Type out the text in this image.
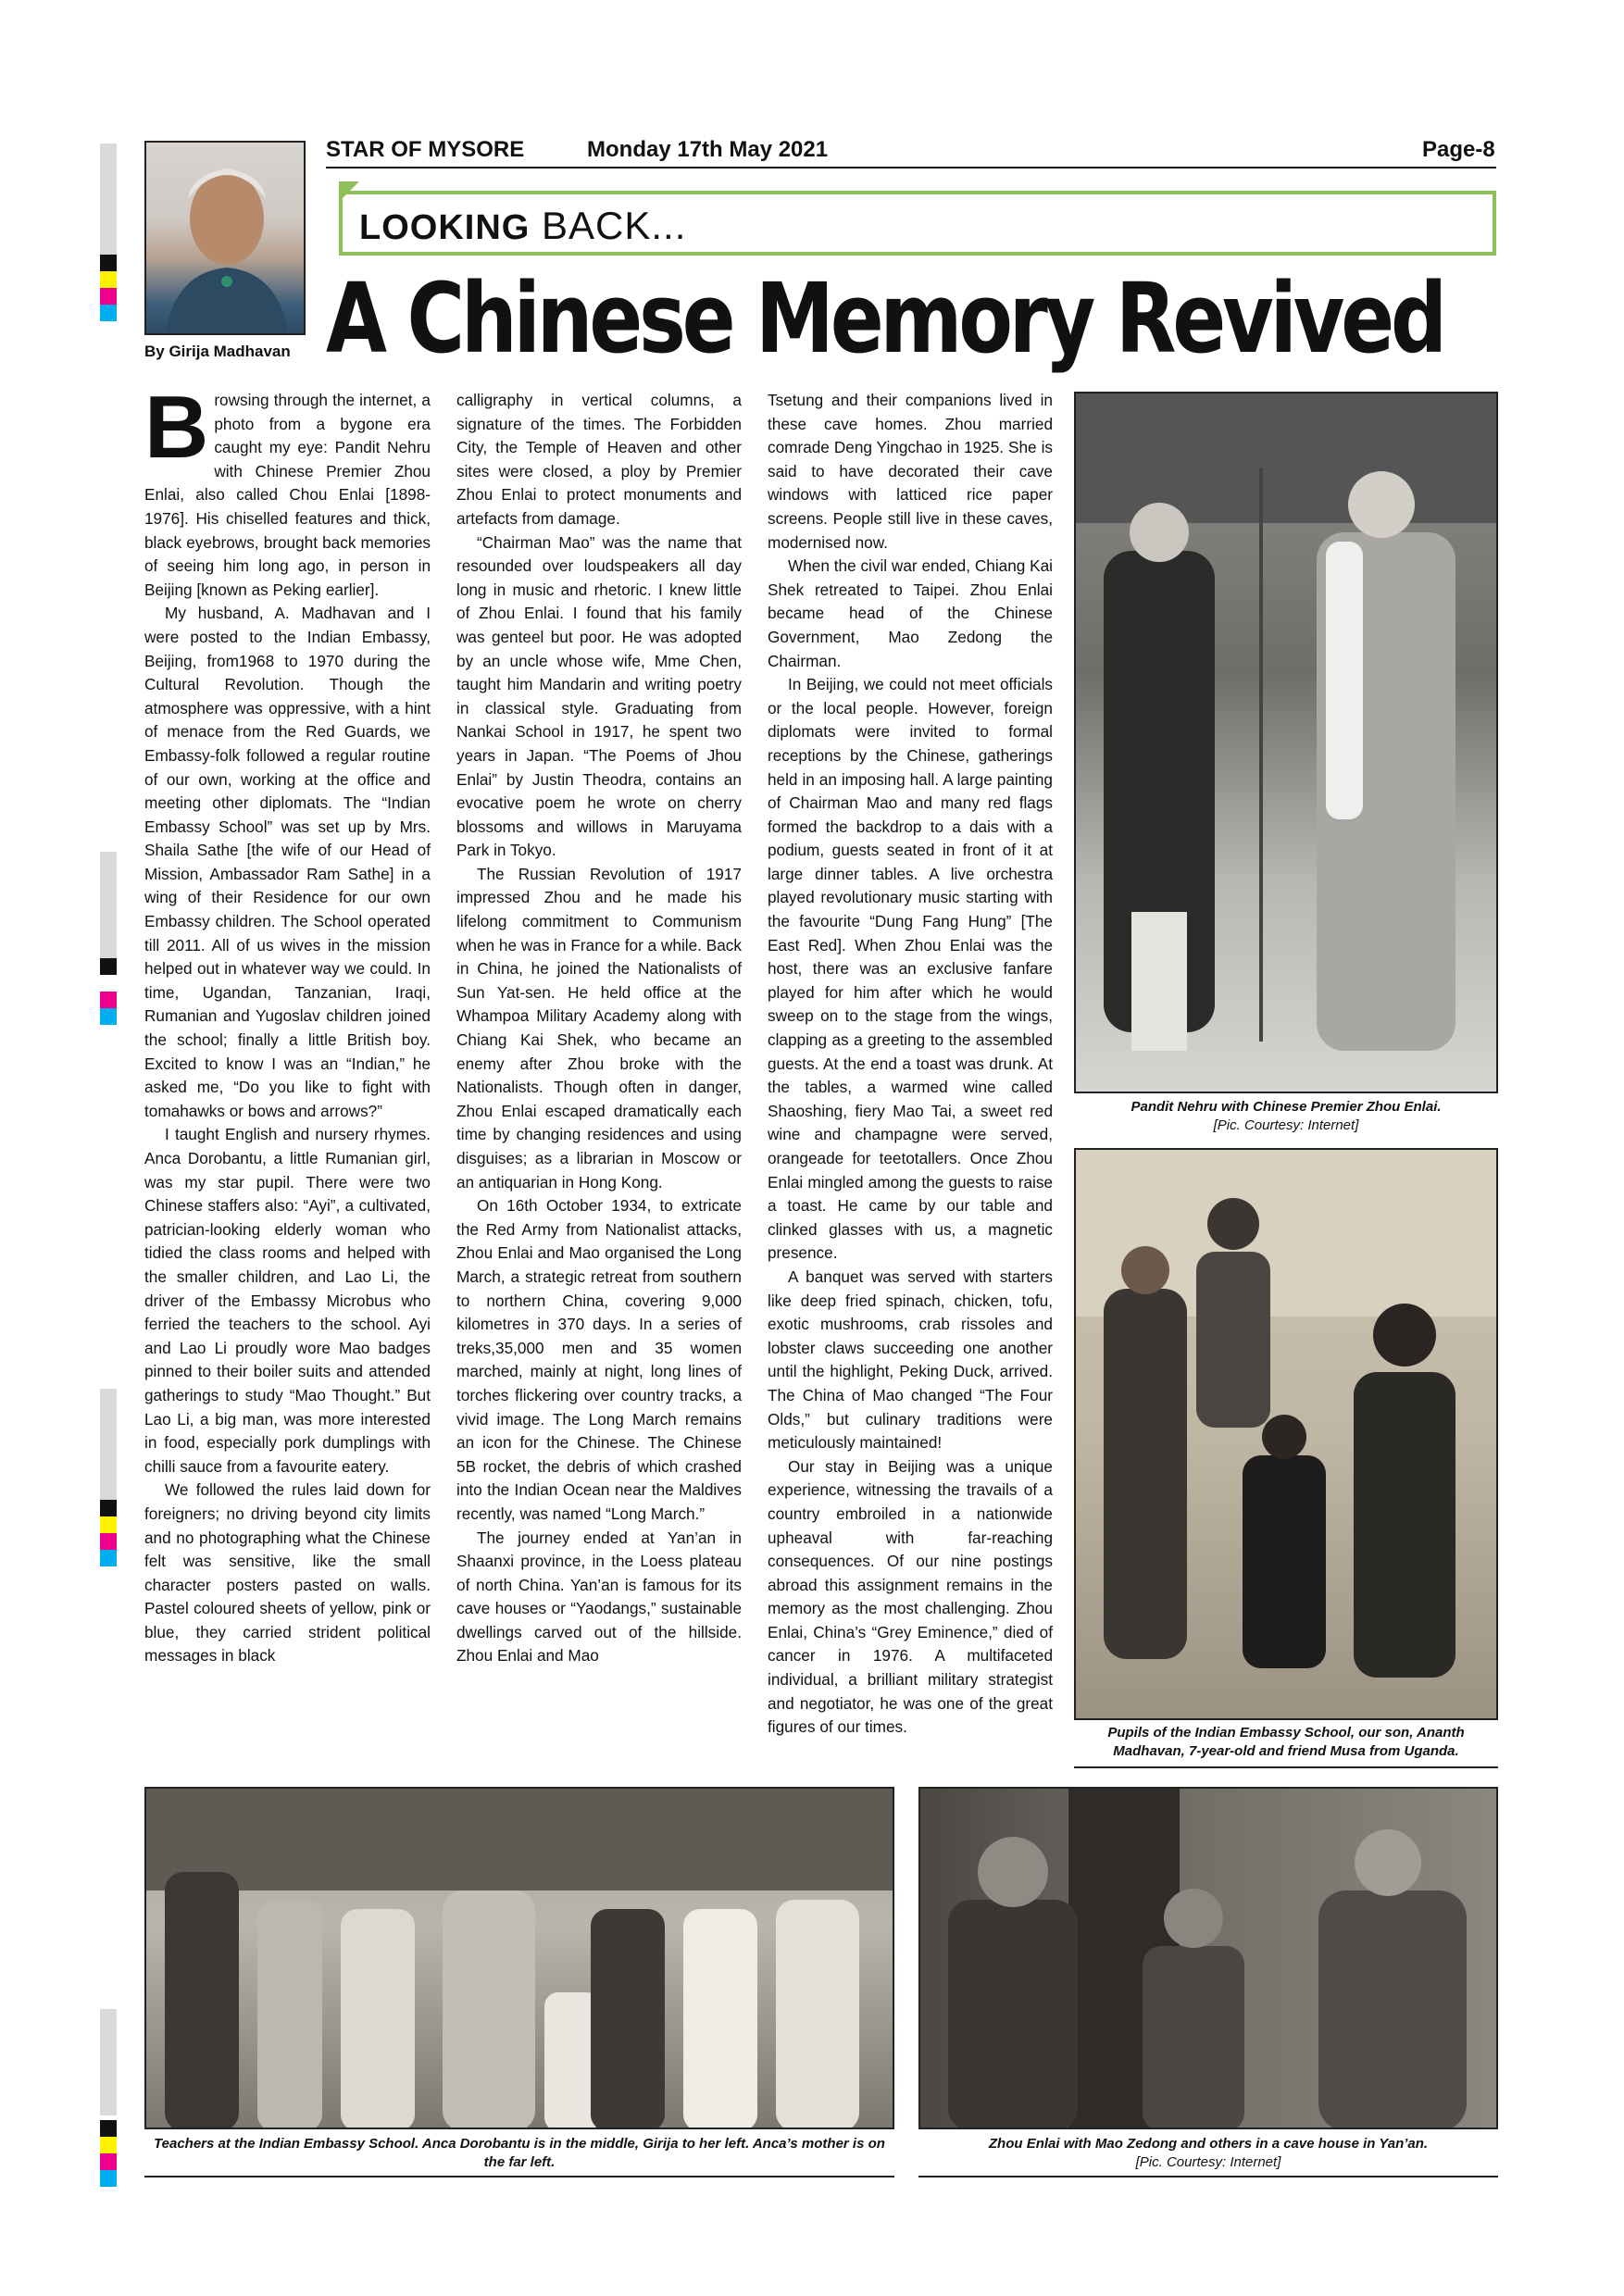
STAR OF MYSORE	Monday 17th May 2021	Page-8
By Girija Madhavan
LOOKING BACK...
A Chinese Memory Revived

Browsing through the internet, a photo from a bygone era caught my eye: Pandit Nehru with Chinese Premier Zhou Enlai, also called Chou Enlai [1898-1976]. His chiselled features and thick, black eyebrows, brought back memories of seeing him long ago, in person in Beijing [known as Peking earlier].

My husband, A. Madhavan and I were posted to the Indian Embassy, Beijing, from1968 to 1970 during the Cultural Revolution. Though the atmosphere was oppressive, with a hint of menace from the Red Guards, we Embassy-folk followed a regular routine of our own, working at the office and meeting other diplomats. The “Indian Embassy School” was set up by Mrs. Shaila Sathe [the wife of our Head of Mission, Ambassador Ram Sathe] in a wing of their Residence for our own Embassy children. The School operated till 2011. All of us wives in the mission helped out in whatever way we could. In time, Ugandan, Tanzanian, Iraqi, Rumanian and Yugoslav children joined the school; finally a little British boy. Excited to know I was an “Indian,” he asked me, “Do you like to fight with tomahawks or bows and arrows?”

I taught English and nursery rhymes. Anca Dorobantu, a little Rumanian girl, was my star pupil. There were two Chinese staffers also: “Ayi”, a cultivated, patrician-looking elderly woman who tidied the class rooms and helped with the smaller children, and Lao Li, the driver of the Embassy Microbus who ferried the teachers to the school. Ayi and Lao Li proudly wore Mao badges pinned to their boiler suits and attended gatherings to study “Mao Thought.” But Lao Li, a big man, was more interested in food, especially pork dumplings with chilli sauce from a favourite eatery.

We followed the rules laid down for foreigners; no driving beyond city limits and no photographing what the Chinese felt was sensitive, like the small character posters pasted on walls. Pastel coloured sheets of yellow, pink or blue, they carried strident political messages in black

calligraphy in vertical columns, a signature of the times. The Forbidden City, the Temple of Heaven and other sites were closed, a ploy by Premier Zhou Enlai to protect monuments and artefacts from damage.

“Chairman Mao” was the name that resounded over loudspeakers all day long in music and rhetoric. I knew little of Zhou Enlai. I found that his family was genteel but poor. He was adopted by an uncle whose wife, Mme Chen, taught him Mandarin and writing poetry in classical style. Graduating from Nankai School in 1917, he spent two years in Japan. “The Poems of Jhou Enlai” by Justin Theodra, contains an evocative poem he wrote on cherry blossoms and willows in Maruyama Park in Tokyo.

The Russian Revolution of 1917 impressed Zhou and he made his lifelong commitment to Communism when he was in France for a while. Back in China, he joined the Nationalists of Sun Yat-sen. He held office at the Whampoa Military Academy along with Chiang Kai Shek, who became an enemy after Zhou broke with the Nationalists. Though often in danger, Zhou Enlai escaped dramatically each time by changing residences and using disguises; as a librarian in Moscow or an antiquarian in Hong Kong.

On 16th October 1934, to extricate the Red Army from Nationalist attacks, Zhou Enlai and Mao organised the Long March, a strategic retreat from southern to northern China, covering 9,000 kilometres in 370 days. In a series of treks,35,000 men and 35 women marched, mainly at night, long lines of torches flickering over country tracks, a vivid image. The Long March remains an icon for the Chinese. The Chinese 5B rocket, the debris of which crashed into the Indian Ocean near the Maldives recently, was named “Long March.”

The journey ended at Yan’an in Shaanxi province, in the Loess plateau of north China. Yan’an is famous for its cave houses or “Yaodangs,” sustainable dwellings carved out of the hillside. Zhou Enlai and Mao

Tsetung and their companions lived in these cave homes. Zhou married comrade Deng Yingchao in 1925. She is said to have decorated their cave windows with latticed rice paper screens. People still live in these caves, modernised now.

When the civil war ended, Chiang Kai Shek retreated to Taipei. Zhou Enlai became head of the Chinese Government, Mao Zedong the Chairman.

In Beijing, we could not meet officials or the local people. However, foreign diplomats were invited to formal receptions by the Chinese, gatherings held in an imposing hall. A large painting of Chairman Mao and many red flags formed the backdrop to a dais with a podium, guests seated in front of it at large dinner tables. A live orchestra played revolutionary music starting with the favourite “Dung Fang Hung” [The East Red]. When Zhou Enlai was the host, there was an exclusive fanfare played for him after which he would sweep on to the stage from the wings, clapping as a greeting to the assembled guests. At the end a toast was drunk. At the tables, a warmed wine called Shaoshing, fiery Mao Tai, a sweet red wine and champagne were served, orangeade for teetotallers. Once Zhou Enlai mingled among the guests to raise a toast. He came by our table and clinked glasses with us, a magnetic presence.

A banquet was served with starters like deep fried spinach, chicken, tofu, exotic mushrooms, crab rissoles and lobster claws succeeding one another until the highlight, Peking Duck, arrived. The China of Mao changed “The Four Olds,” but culinary traditions were meticulously maintained!

Our stay in Beijing was a unique experience, witnessing the travails of a country embroiled in a nationwide upheaval with far-reaching consequences. Of our nine postings abroad this assignment remains in the memory as the most challenging. Zhou Enlai, China’s “Grey Eminence,” died of cancer in 1976. A multifaceted individual, a brilliant military strategist and negotiator, he was one of the great figures of our times.

Pandit Nehru with Chinese Premier Zhou Enlai.
[Pic. Courtesy: Internet]
Pupils of the Indian Embassy School, our son, Ananth Madhavan, 7-year-old and friend Musa from Uganda.
Teachers at the Indian Embassy School. Anca Dorobantu is in the middle, Girija to her left. Anca’s mother is on the far left.
Zhou Enlai with Mao Zedong and others in a cave house in Yan’an.
[Pic. Courtesy: Internet]
